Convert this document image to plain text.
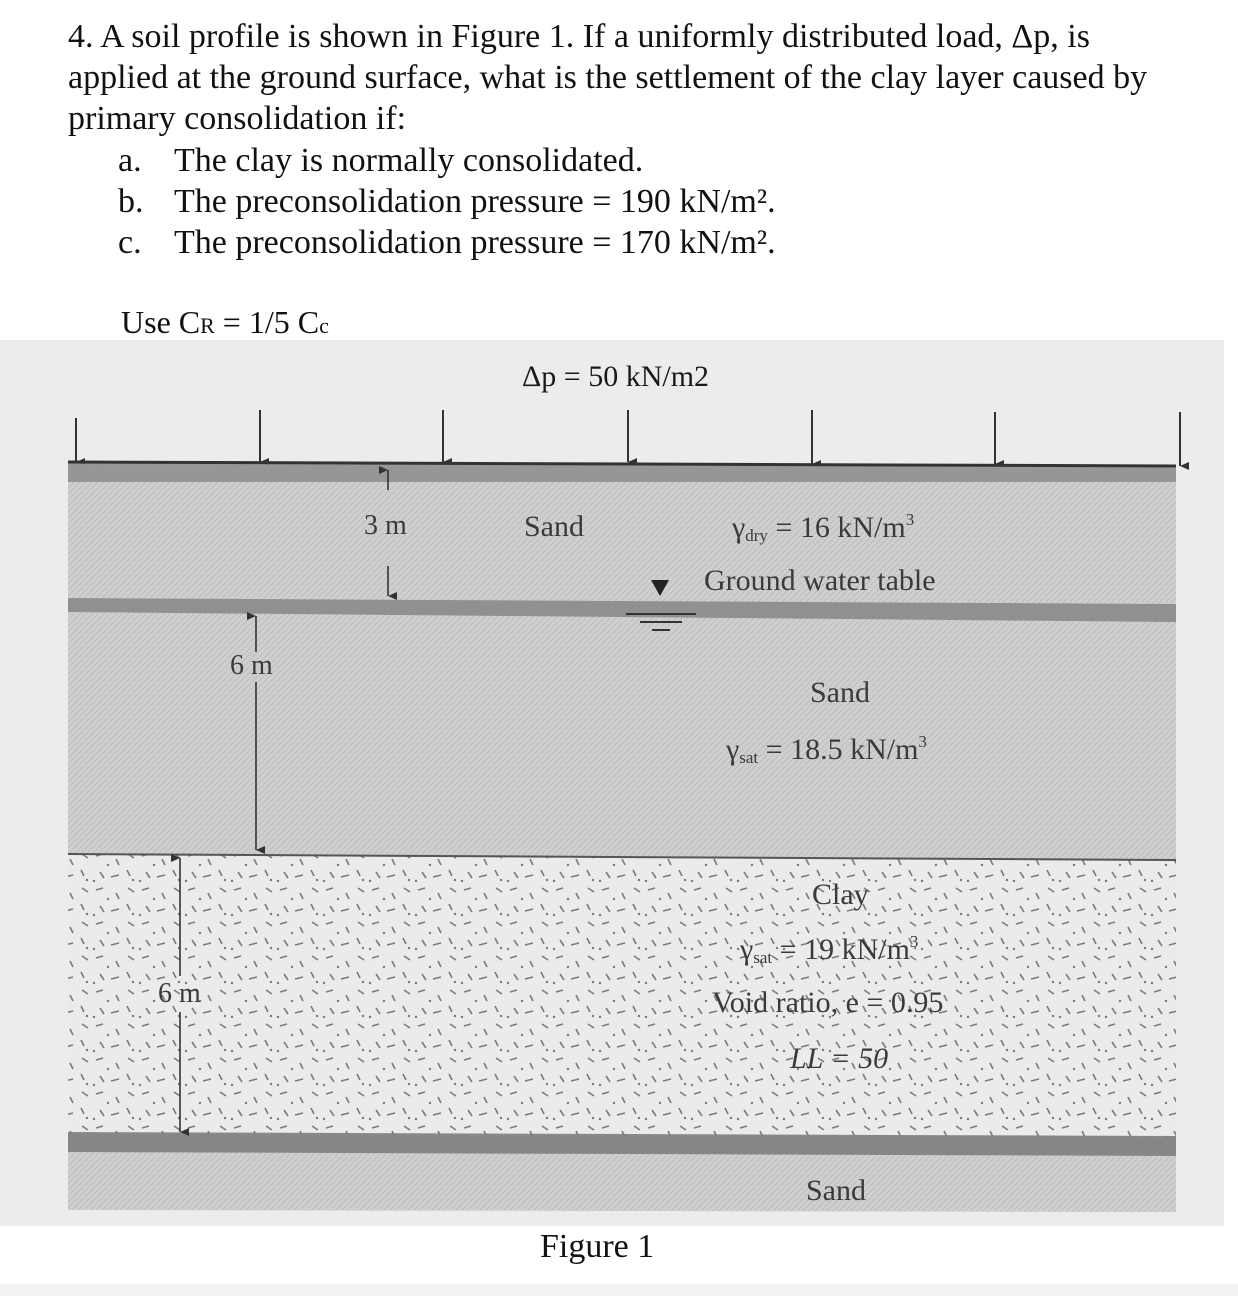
4. A soil profile is shown in Figure 1. If a uniformly distributed load, Δp, is
applied at the ground surface, what is the settlement of the clay layer caused by
primary consolidation if:
a. The clay is normally consolidated.
b. The preconsolidation pressure = 190 kN/m².
c. The preconsolidation pressure = 170 kN/m².
Use CR = 1/5 Cc
Δp = 50 kN/m2
3 m	Sand	$\gamma_{dry} = 16$ $kN/m^3$
Ground water table
6 m
Sand
$\gamma_{sat} = 18.5$ $kN/m^3$
Clay
$\gamma_{sat} = 19$ $kN/m^3$
6 m	Void ratio, e = 0.95
LL = 50
Sand
Figure 1
